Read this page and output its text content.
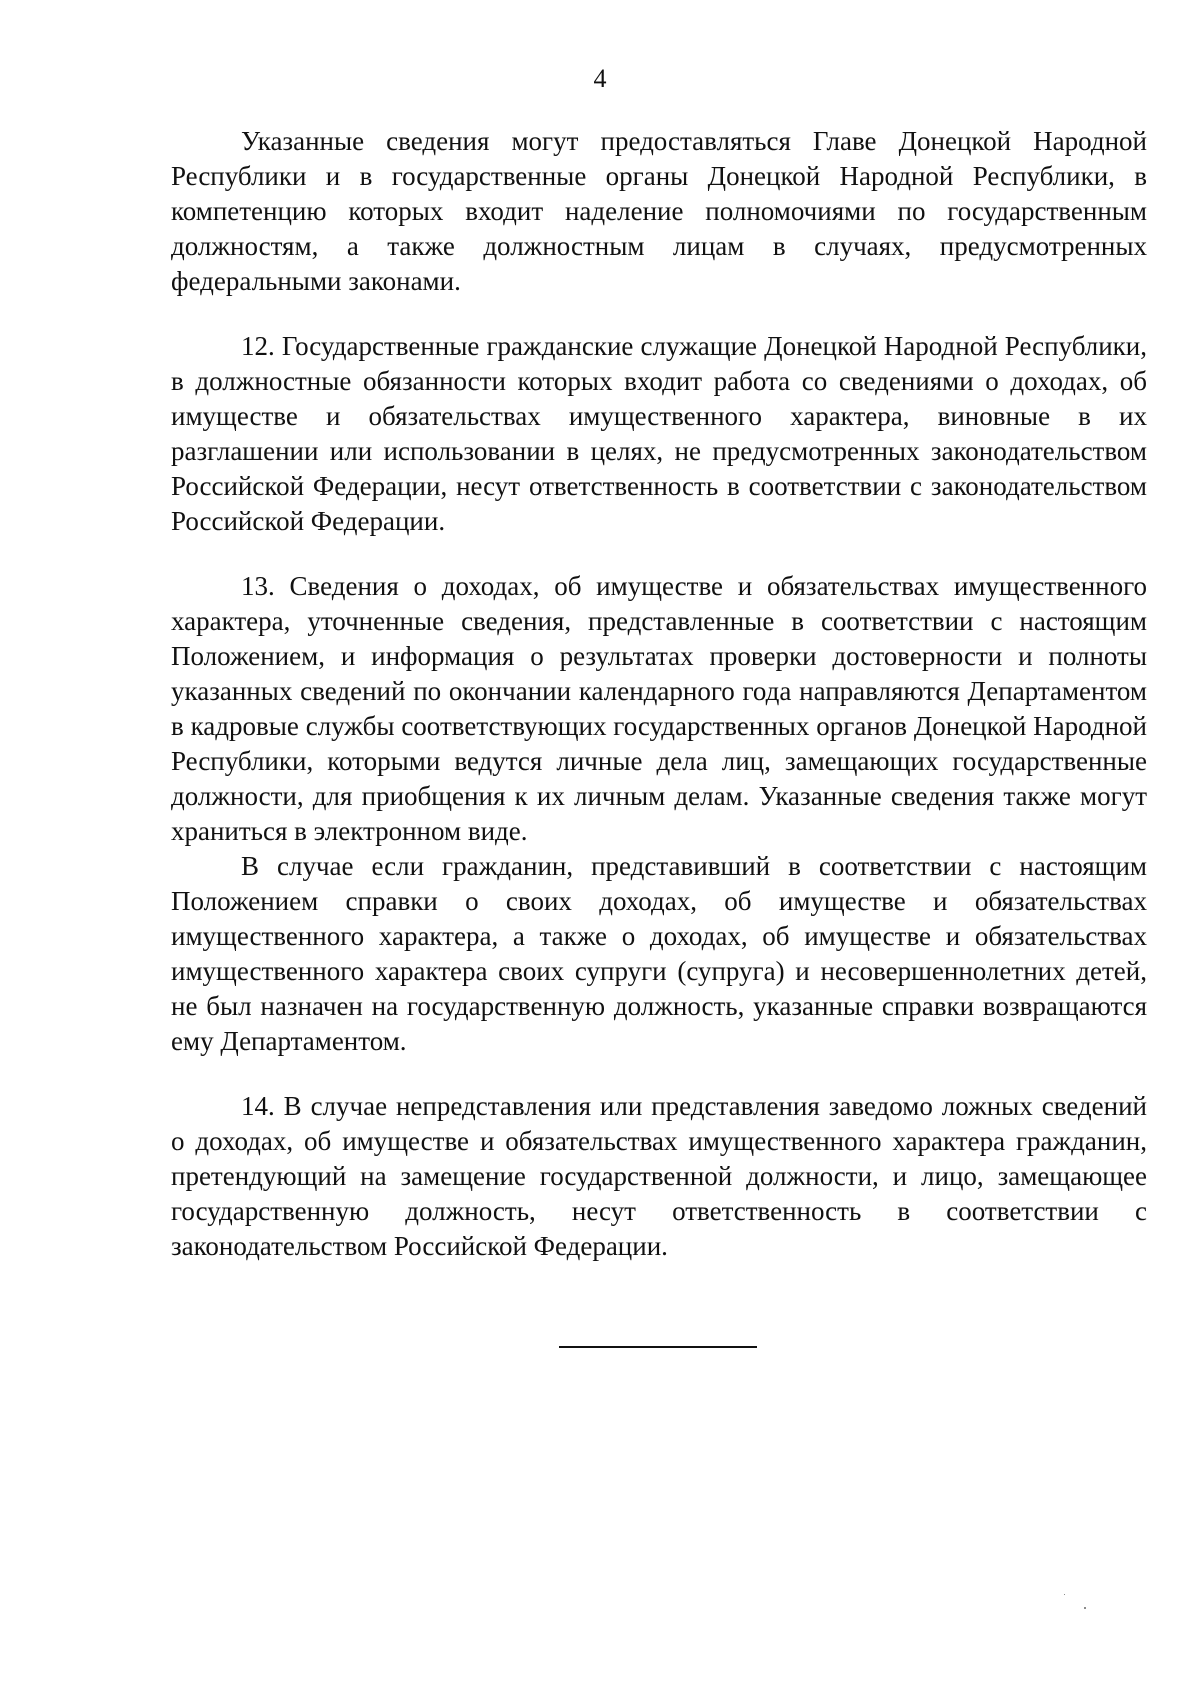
4

Указанные сведения могут предоставляться Главе Донецкой Народной Республики и в государственные органы Донецкой Народной Республики, в компетенцию которых входит наделение полномочиями по государственным должностям, а также должностным лицам в случаях, предусмотренных федеральными законами.

12. Государственные гражданские служащие Донецкой Народной Республики, в должностные обязанности которых входит работа со сведениями о доходах, об имуществе и обязательствах имущественного характера, виновные в их разглашении или использовании в целях, не предусмотренных законодательством Российской Федерации, несут ответственность в соответствии с законодательством Российской Федерации.

13. Сведения о доходах, об имуществе и обязательствах имущественного характера, уточненные сведения, представленные в соответствии с настоящим Положением, и информация о результатах проверки достоверности и полноты указанных сведений по окончании календарного года направляются Департаментом в кадровые службы соответствующих государственных органов Донецкой Народной Республики, которыми ведутся личные дела лиц, замещающих государственные должности, для приобщения к их личным делам. Указанные сведения также могут храниться в электронном виде.

В случае если гражданин, представивший в соответствии с настоящим Положением справки о своих доходах, об имуществе и обязательствах имущественного характера, а также о доходах, об имуществе и обязательствах имущественного характера своих супруги (супруга) и несовершеннолетних детей, не был назначен на государственную должность, указанные справки возвращаются ему Департаментом.

14. В случае непредставления или представления заведомо ложных сведений о доходах, об имуществе и обязательствах имущественного характера гражданин, претендующий на замещение государственной должности, и лицо, замещающее государственную должность, несут ответственность в соответствии с законодательством Российской Федерации.
